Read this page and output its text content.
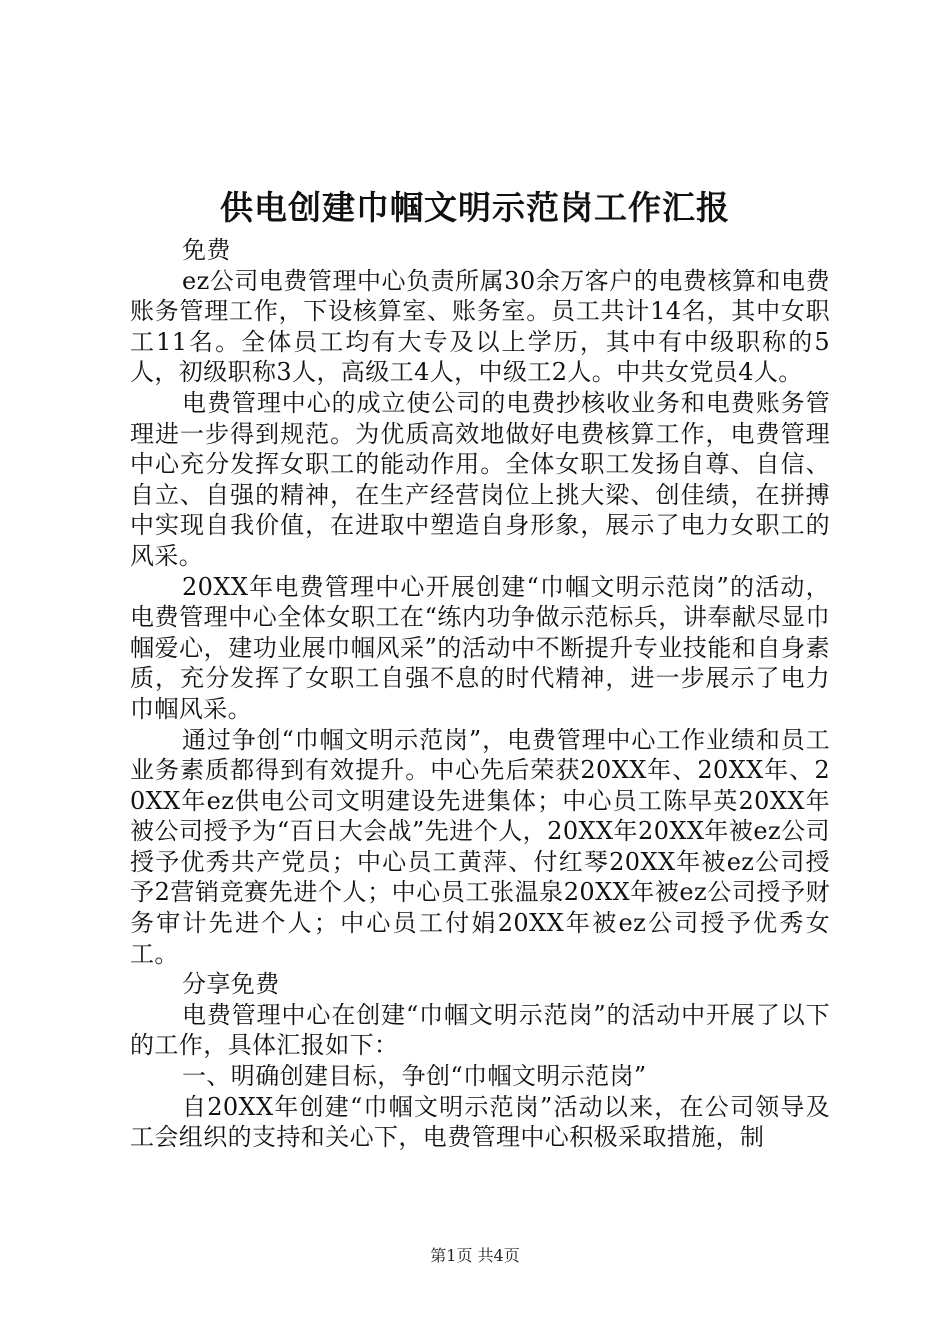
供电创建巾帼文明示范岗工作汇报

免费

ez公司电费管理中心负责所属30余万客户的电费核算和电费账务管理工作，下设核算室、账务室。员工共计14名，其中女职工11名。全体员工均有大专及以上学历，其中有中级职称的5人，初级职称3人，高级工4人，中级工2人。中共女党员4人。

电费管理中心的成立使公司的电费抄核收业务和电费账务管理进一步得到规范。为优质高效地做好电费核算工作，电费管理中心充分发挥女职工的能动作用。全体女职工发扬自尊、自信、自立、自强的精神，在生产经营岗位上挑大梁、创佳绩，在拼搏中实现自我价值，在进取中塑造自身形象，展示了电力女职工的风采。

20XX年电费管理中心开展创建“巾帼文明示范岗”的活动，电费管理中心全体女职工在“练内功争做示范标兵，讲奉献尽显巾帼爱心，建功业展巾帼风采”的活动中不断提升专业技能和自身素质，充分发挥了女职工自强不息的时代精神，进一步展示了电力巾帼风采。

通过争创“巾帼文明示范岗”，电费管理中心工作业绩和员工业务素质都得到有效提升。中心先后荣获20XX年、20XX年、20XX年ez供电公司文明建设先进集体；中心员工陈早英20XX年被公司授予为“百日大会战”先进个人，20XX年20XX年被ez公司授予优秀共产党员；中心员工黄萍、付红琴20XX年被ez公司授予2营销竞赛先进个人；中心员工张温泉20XX年被ez公司授予财务审计先进个人；中心员工付娟20XX年被ez公司授予优秀女工。

分享免费

电费管理中心在创建“巾帼文明示范岗”的活动中开展了以下的工作，具体汇报如下：

一、明确创建目标，争创“巾帼文明示范岗”

自20XX年创建“巾帼文明示范岗”活动以来，在公司领导及工会组织的支持和关心下，电费管理中心积极采取措施，制

第1页 共4页
